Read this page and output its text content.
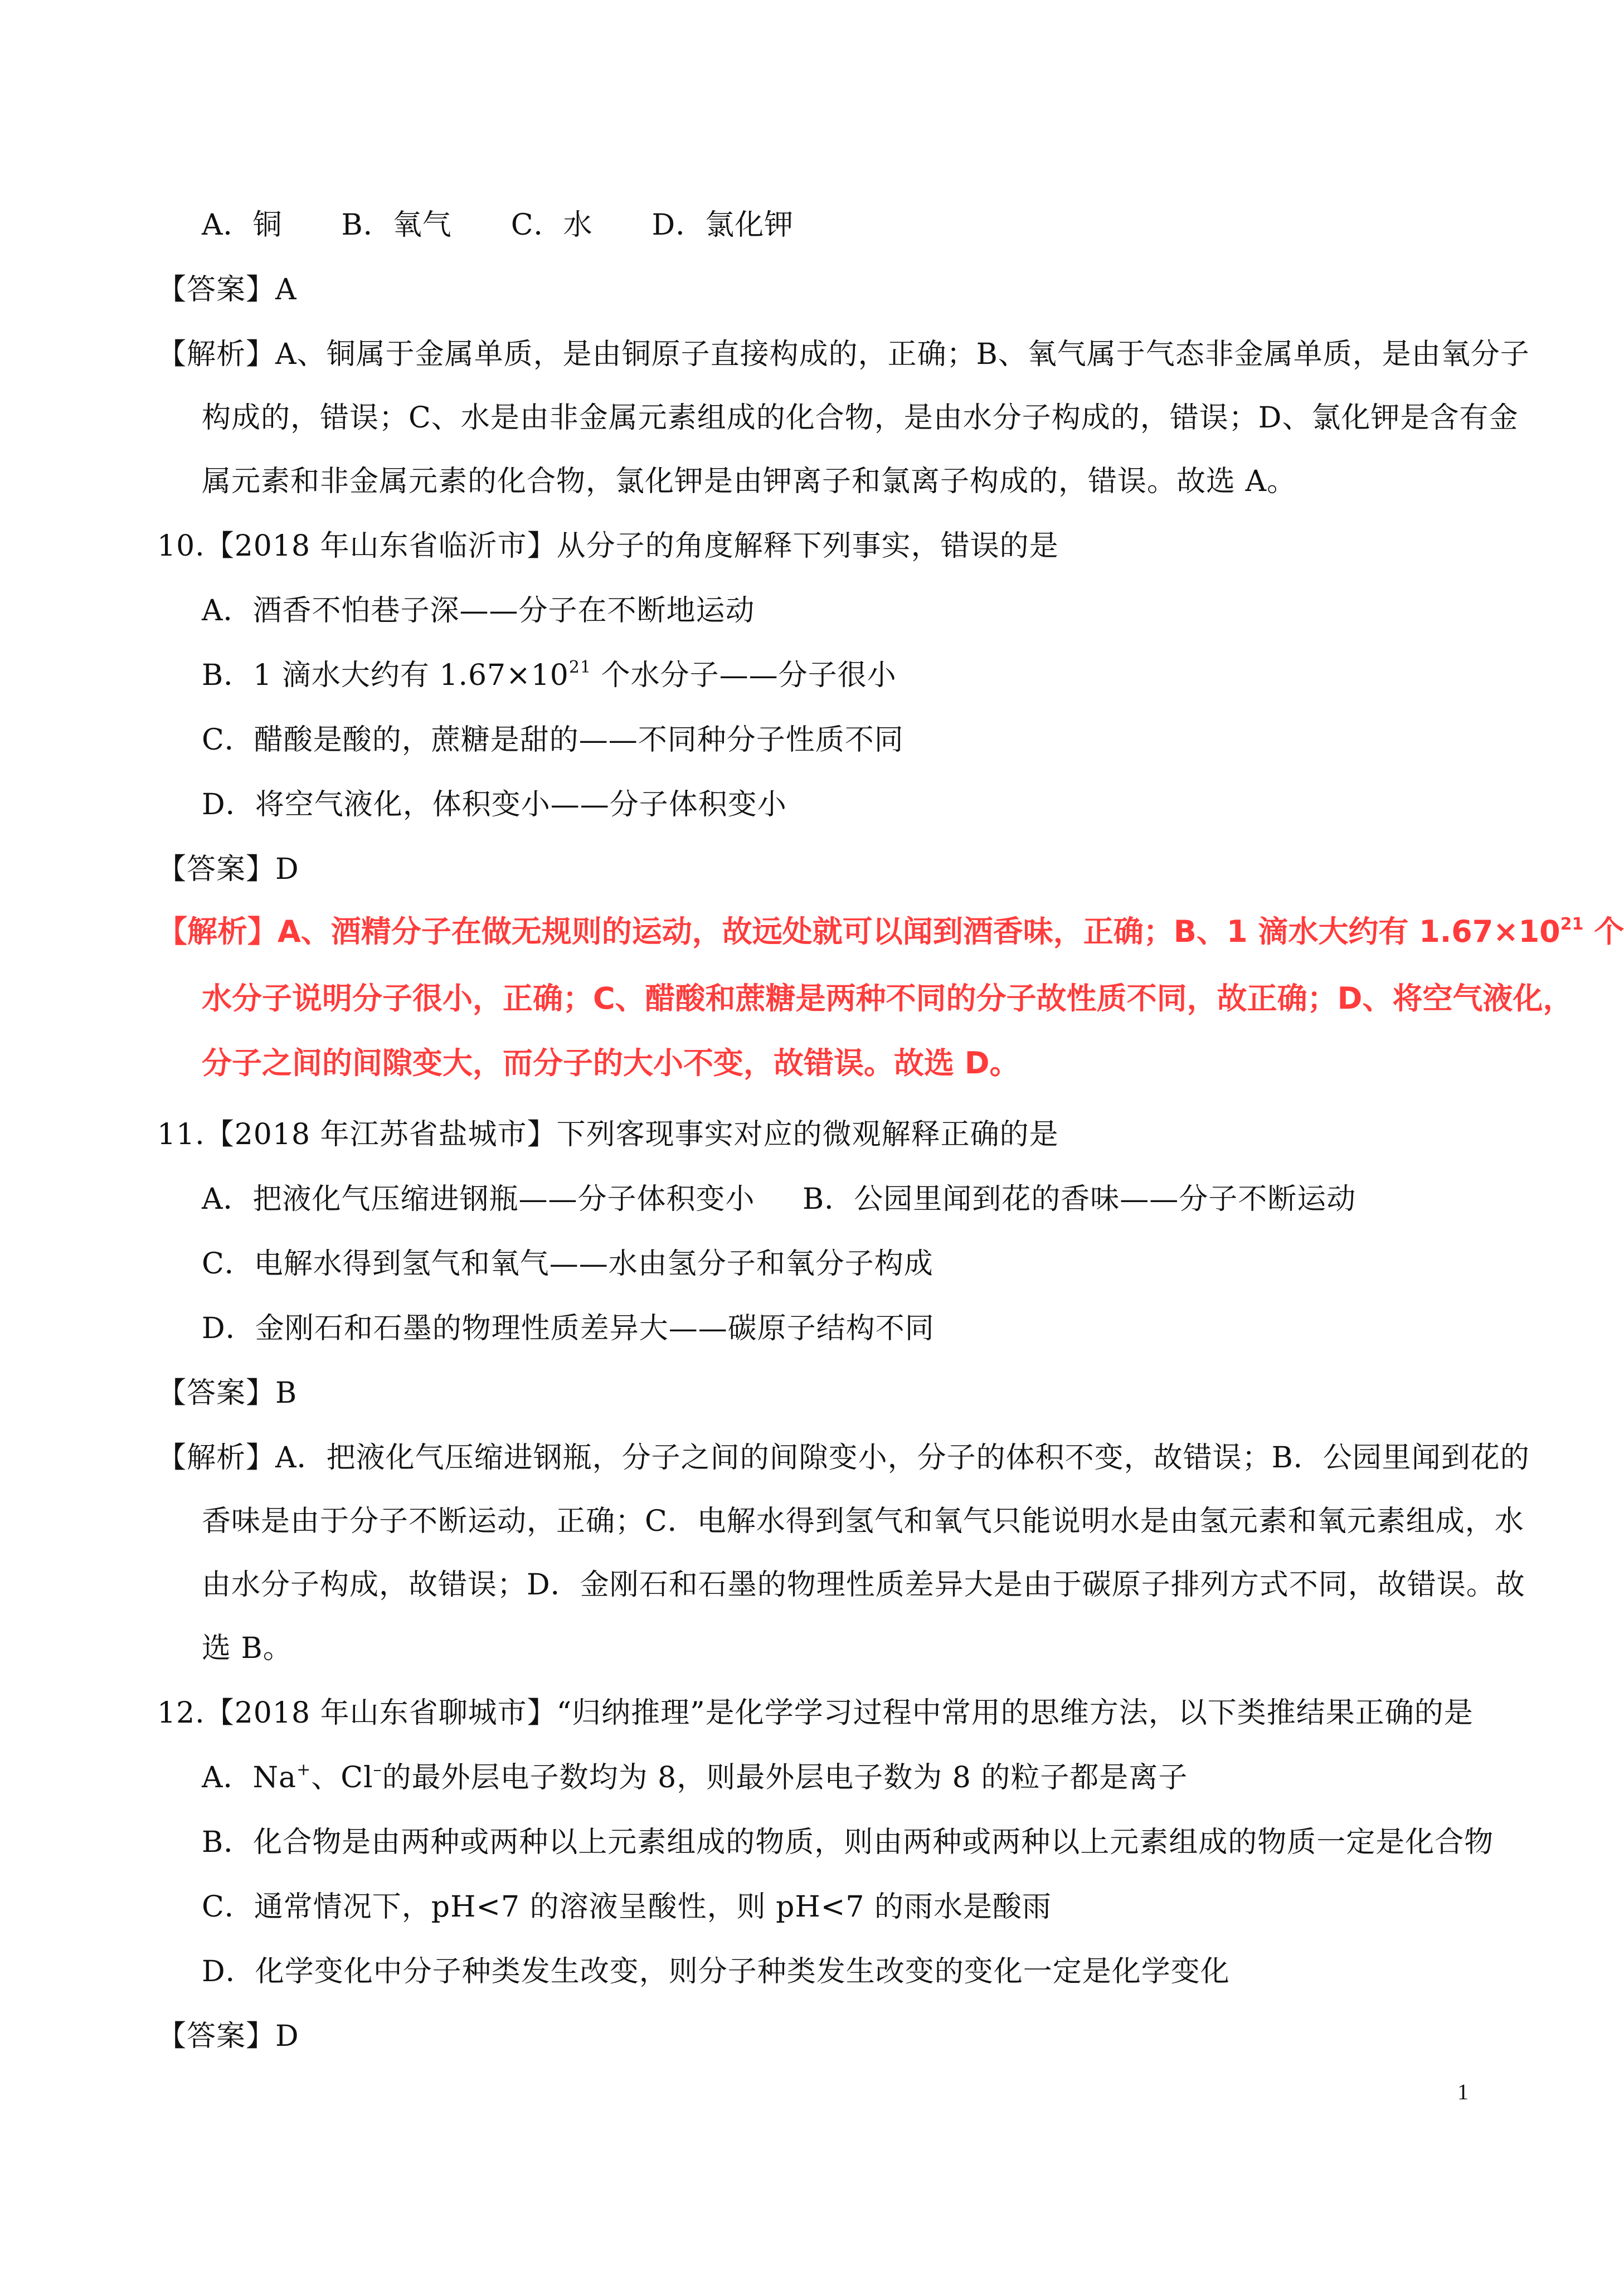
A．铜　　B．氧气　　C．水　　D．氯化钾
【答案】A
【解析】A、铜属于金属单质，是由铜原子直接构成的，正确；B、氧气属于气态非金属单质，是由氧分子
构成的，错误；C、水是由非金属元素组成的化合物，是由水分子构成的，错误；D、氯化钾是含有金
属元素和非金属元素的化合物，氯化钾是由钾离子和氯离子构成的，错误。故选 A。
10.【2018 年山东省临沂市】从分子的角度解释下列事实，错误的是
A．酒香不怕巷子深——分子在不断地运动
B．1 滴水大约有 $1.67\times 10^{21}$ 个水分子——分子很小
C．醋酸是酸的，蔗糖是甜的——不同种分子性质不同
D．将空气液化，体积变小——分子体积变小
【答案】D
【解析】A、酒精分子在做无规则的运动，故远处就可以闻到酒香味，正确；B、1 滴水大约有 $1.67\times 10^{21}$ 个
水分子说明分子很小，正确；C、醋酸和蔗糖是两种不同的分子故性质不同，故正确；D、将空气液化，
分子之间的间隙变大，而分子的大小不变，故错误。故选 D。
11.【2018 年江苏省盐城市】下列客现事实对应的微观解释正确的是
A．把液化气压缩进钢瓶——分子体积变小 B．公园里闻到花的香味——分子不断运动
C．电解水得到氢气和氧气——水由氢分子和氧分子构成
D．金刚石和石墨的物理性质差异大——碳原子结构不同
【答案】B
【解析】A．把液化气压缩进钢瓶，分子之间的间隙变小，分子的体积不变，故错误；B．公园里闻到花的
香味是由于分子不断运动，正确；C．电解水得到氢气和氧气只能说明水是由氢元素和氧元素组成，水
由水分子构成，故错误；D．金刚石和石墨的物理性质差异大是由于碳原子排列方式不同，故错误。故
选 B。
12.【2018 年山东省聊城市】“归纳推理”是化学学习过程中常用的思维方法，以下类推结果正确的是
A．Na+、Cl–的最外层电子数均为 8，则最外层电子数为 8 的粒子都是离子
B．化合物是由两种或两种以上元素组成的物质，则由两种或两种以上元素组成的物质一定是化合物
C．通常情况下，pH<7 的溶液呈酸性，则 pH<7 的雨水是酸雨
D．化学变化中分子种类发生改变，则分子种类发生改变的变化一定是化学变化
【答案】D
1
